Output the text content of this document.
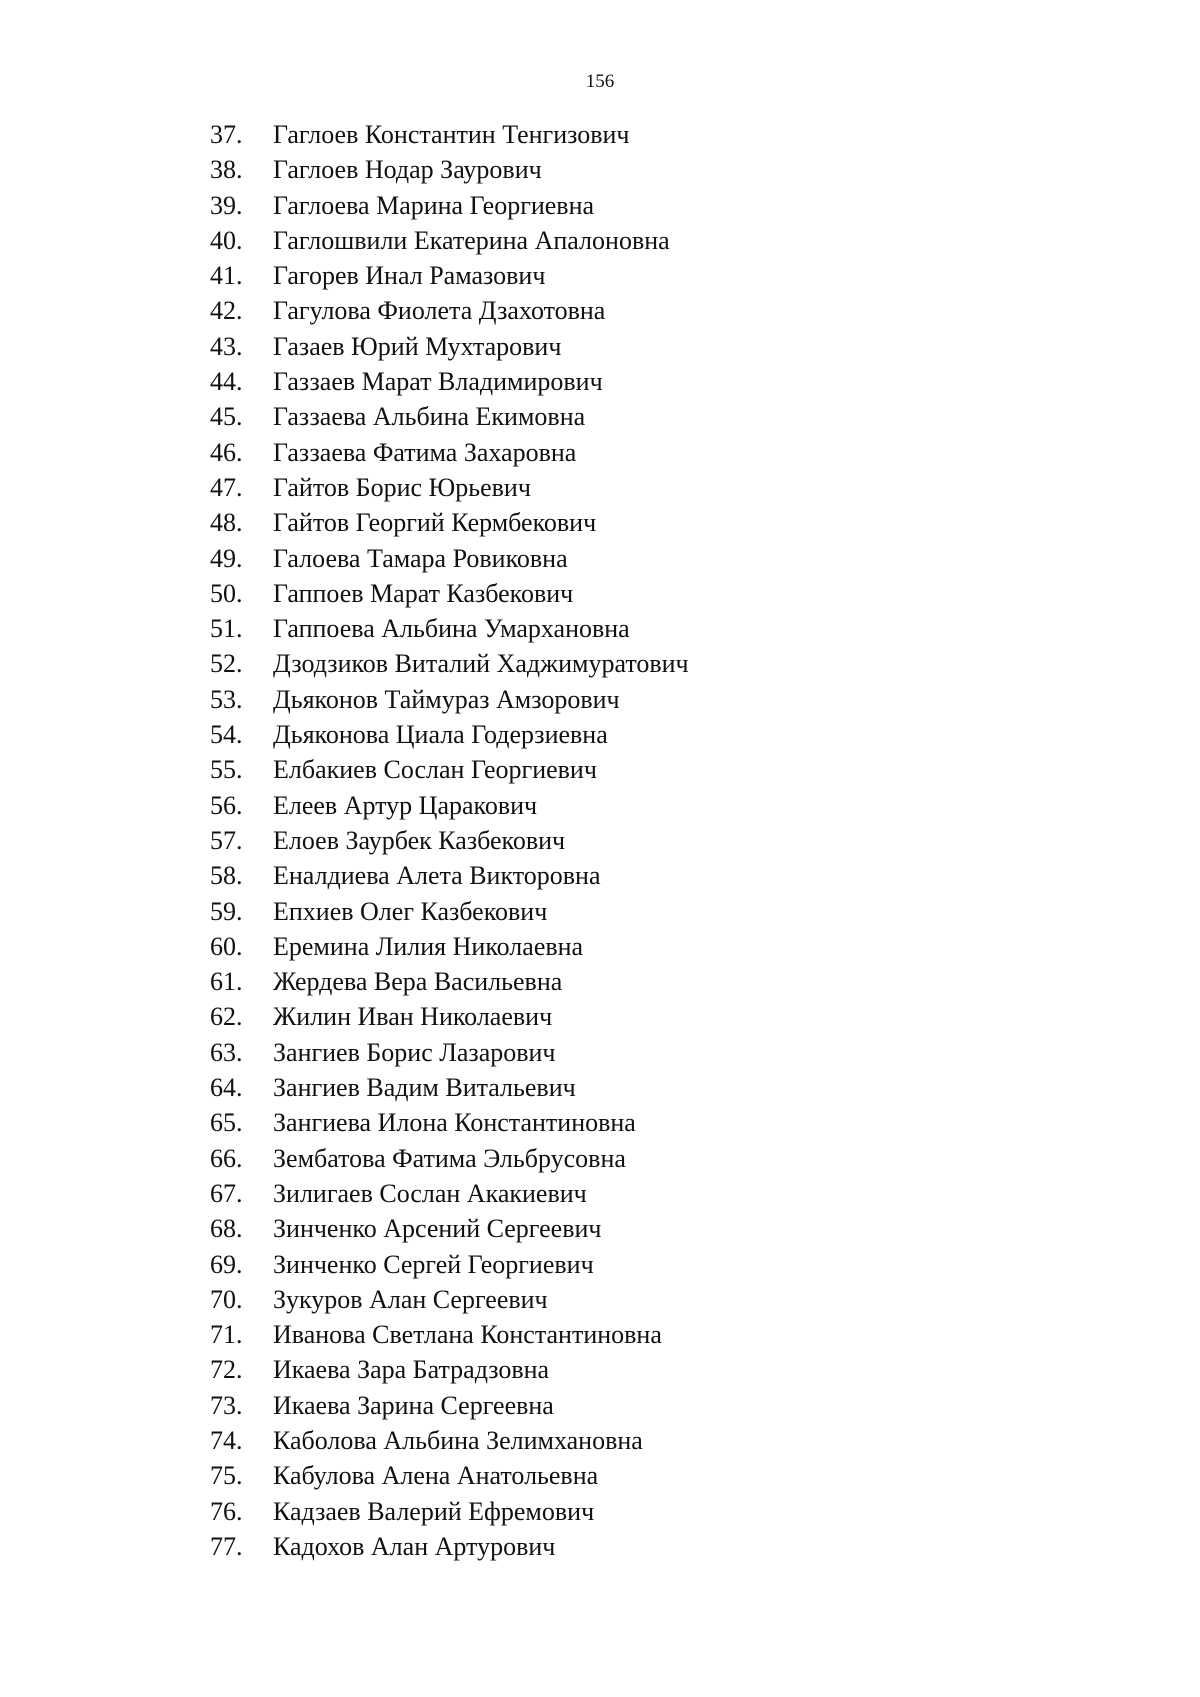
156
37. Гаглоев Константин Тенгизович
38. Гаглоев Нодар Заурович
39. Гаглоева Марина Георгиевна
40. Гаглошвили Екатерина Апалоновна
41. Гагорев Инал Рамазович
42. Гагулова Фиолета Дзахотовна
43. Газаев Юрий Мухтарович
44. Газзаев Марат Владимирович
45. Газзаева Альбина Екимовна
46. Газзаева Фатима Захаровна
47. Гайтов Борис Юрьевич
48. Гайтов Георгий Кермбекович
49. Галоева Тамара Ровиковна
50. Гаппоев Марат Казбекович
51. Гаппоева Альбина Умархановна
52. Дзодзиков Виталий Хаджимуратович
53. Дьяконов Таймураз Амзорович
54. Дьяконова Циала Годерзиевна
55. Елбакиев Сослан Георгиевич
56. Елеев Артур Царакович
57. Елоев Заурбек Казбекович
58. Еналдиева Алета Викторовна
59. Епхиев Олег Казбекович
60. Еремина Лилия Николаевна
61. Жердева Вера Васильевна
62. Жилин Иван Николаевич
63. Зангиев Борис Лазарович
64. Зангиев Вадим Витальевич
65. Зангиева Илона Константиновна
66. Зембатова Фатима Эльбрусовна
67. Зилигаев Сослан Акакиевич
68. Зинченко Арсений Сергеевич
69. Зинченко Сергей Георгиевич
70. Зукуров Алан Сергеевич
71. Иванова Светлана Константиновна
72. Икаева Зара Батрадзовна
73. Икаева Зарина Сергеевна
74. Каболова Альбина Зелимхановна
75. Кабулова Алена Анатольевна
76. Кадзаев Валерий Ефремович
77. Кадохов Алан Артурович
